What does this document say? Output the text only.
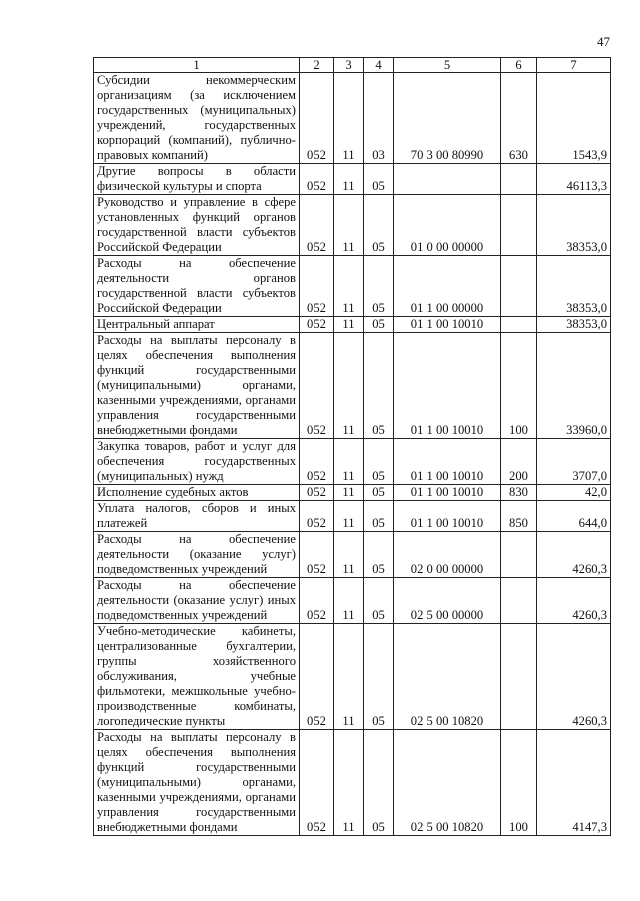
47
1	2	3	4	5	6	7
Субсидии некоммерческим организациям (за исключением государственных (муниципальных) учреждений, государственных корпораций (компаний), публично-правовых компаний)	052	11	03	70 3 00 80990	630	1543,9
Другие вопросы в области физической культуры и спорта	052	11	05			46113,3
Руководство и управление в сфере установленных функций органов государственной власти субъектов Российской Федерации	052	11	05	01 0 00 00000		38353,0
Расходы на обеспечение деятельности органов государственной власти субъектов Российской Федерации	052	11	05	01 1 00 00000		38353,0
Центральный аппарат	052	11	05	01 1 00 10010		38353,0
Расходы на выплаты персоналу в целях обеспечения выполнения функций государственными (муниципальными) органами, казенными учреждениями, органами управления государственными внебюджетными фондами	052	11	05	01 1 00 10010	100	33960,0
Закупка товаров, работ и услуг для обеспечения государственных (муниципальных) нужд	052	11	05	01 1 00 10010	200	3707,0
Исполнение судебных актов	052	11	05	01 1 00 10010	830	42,0
Уплата налогов, сборов и иных платежей	052	11	05	01 1 00 10010	850	644,0
Расходы на обеспечение деятельности (оказание услуг) подведомственных учреждений	052	11	05	02 0 00 00000		4260,3
Расходы на обеспечение деятельности (оказание услуг) иных подведомственных учреждений	052	11	05	02 5 00 00000		4260,3
Учебно-методические кабинеты, централизованные бухгалтерии, группы хозяйственного обслуживания, учебные фильмотеки, межшкольные учебно-производственные комбинаты, логопедические пункты	052	11	05	02 5 00 10820		4260,3
Расходы на выплаты персоналу в целях обеспечения выполнения функций государственными (муниципальными) органами, казенными учреждениями, органами управления государственными внебюджетными фондами	052	11	05	02 5 00 10820	100	4147,3
